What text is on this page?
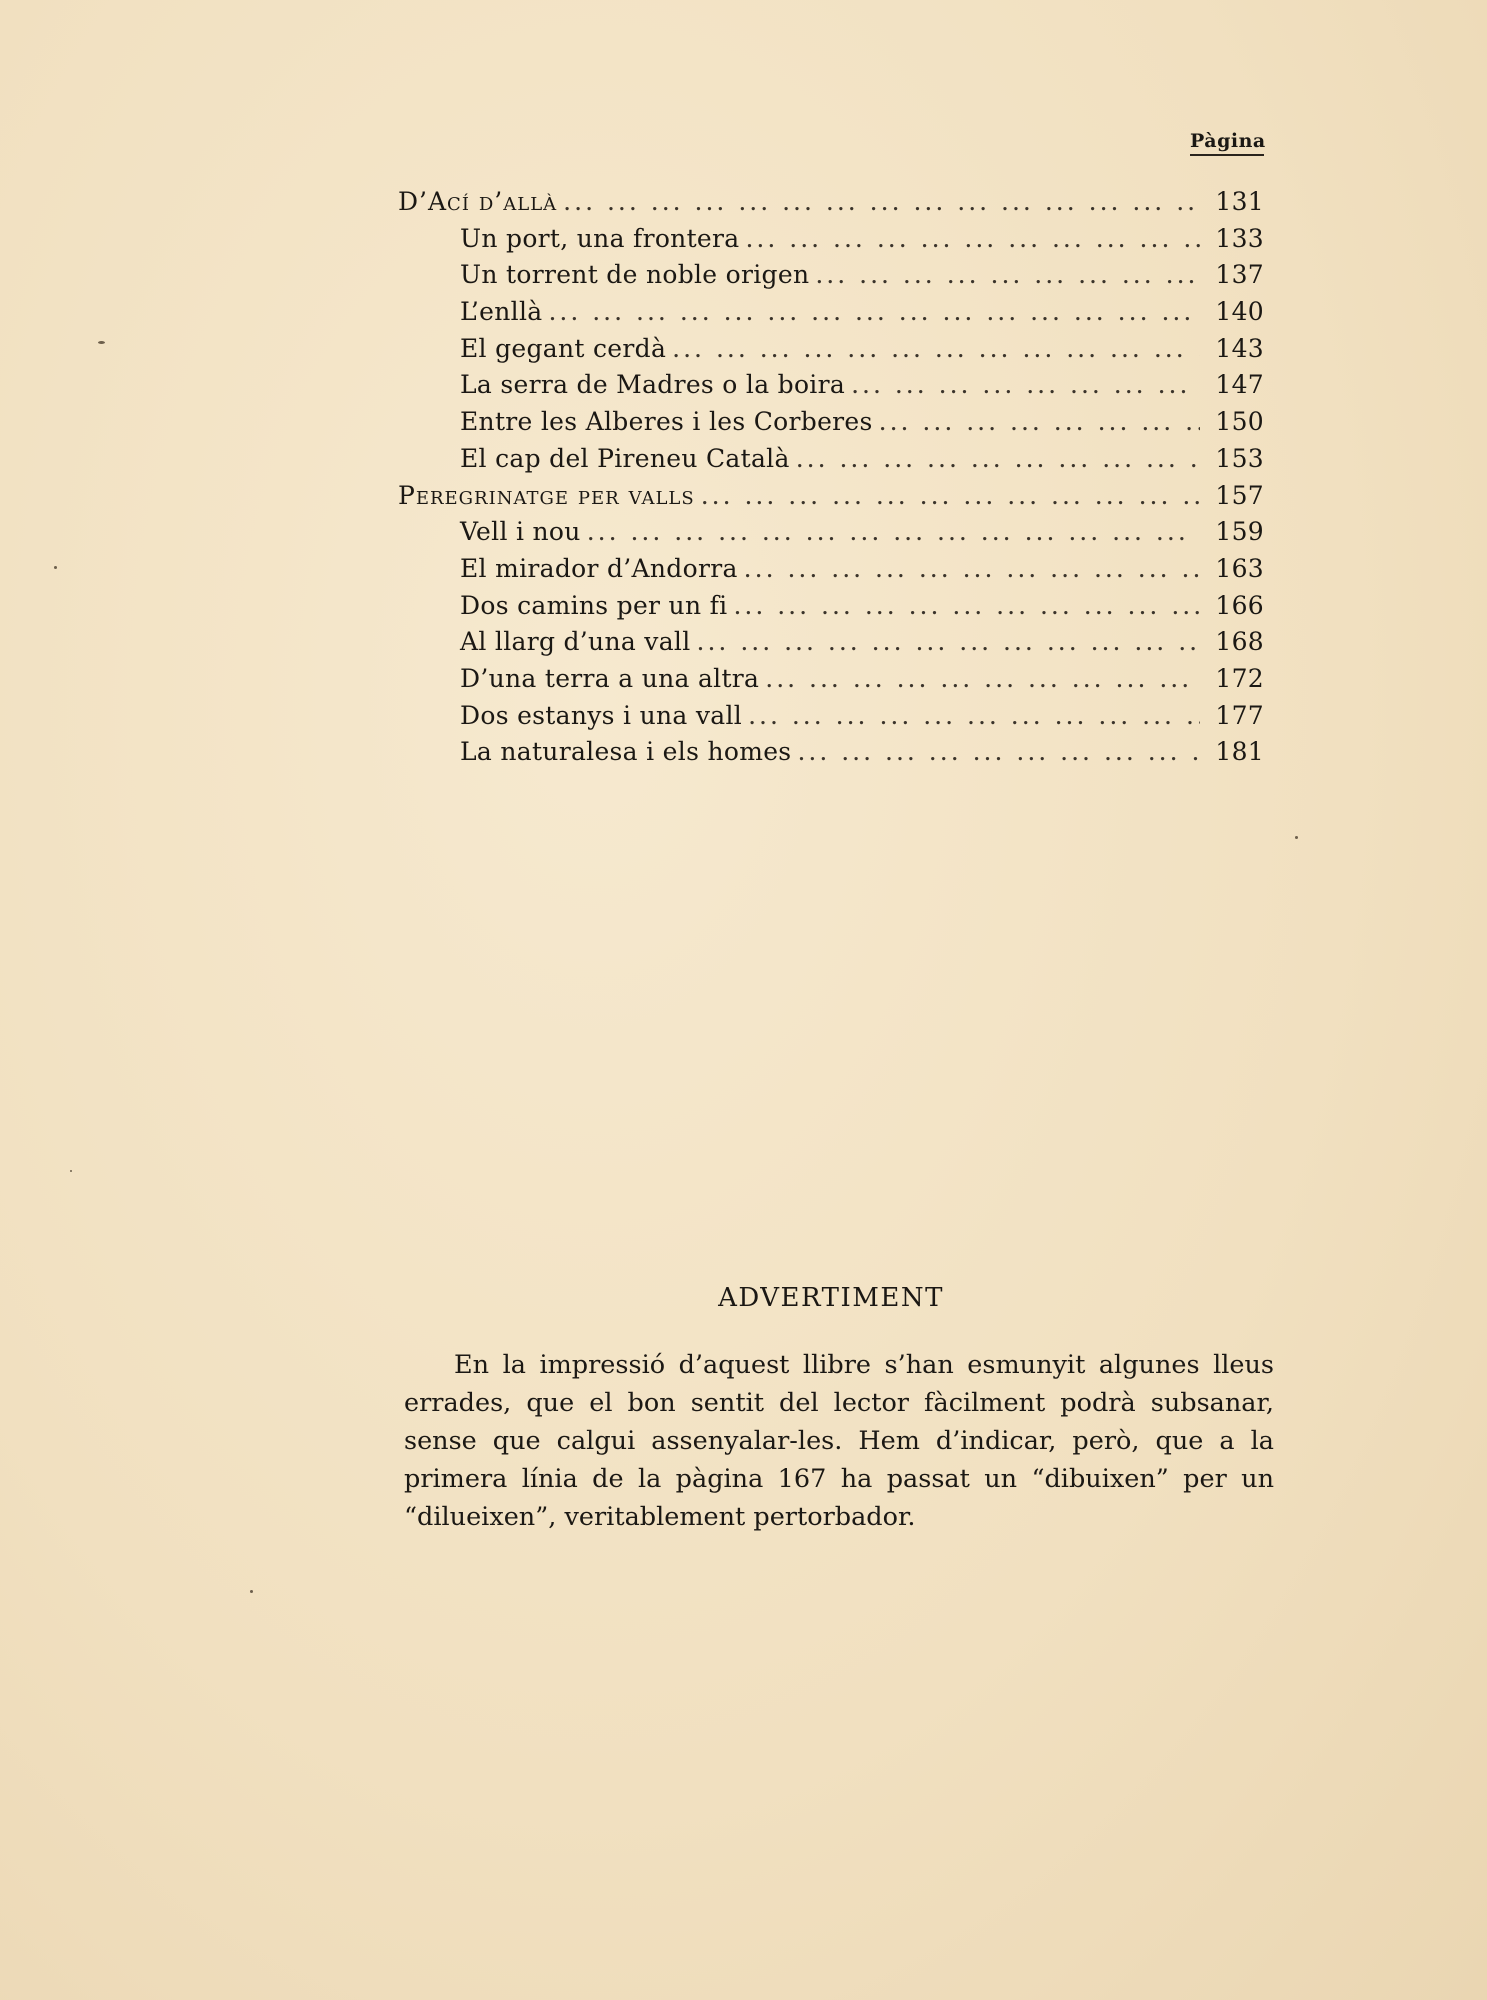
Pàgina
D’Ací d’allà ... .	131
Un port, una frontera ... .	133
Un torrent de noble origen ... .	137
L’enllà ... .	140
El gegant cerdà ... .	143
La serra de Madres o la boira ... .	147
Entre les Alberes i les Corberes ... .	150
El cap del Pireneu Català ... .	153
Peregrinatge per valls ... .	157
Vell i nou ... .	159
El mirador d’Andorra ... .	163
Dos camins per un fi ... .	166
Al llarg d’una vall ... .	168
D’una terra a una altra ... .	172
Dos estanys i una vall ... .	177
La naturalesa i els homes ... .	181
ADVERTIMENT

En la impressió d’aquest llibre s’han esmunyit algunes lleus errades, que el bon sentit del lector fàcilment podrà subsanar, sense que calgui assenyalar-les. Hem d’indicar, però, que a la primera línia de la pàgina 167 ha passat un “dibuixen” per un “dilueixen”, veritablement pertorbador.
